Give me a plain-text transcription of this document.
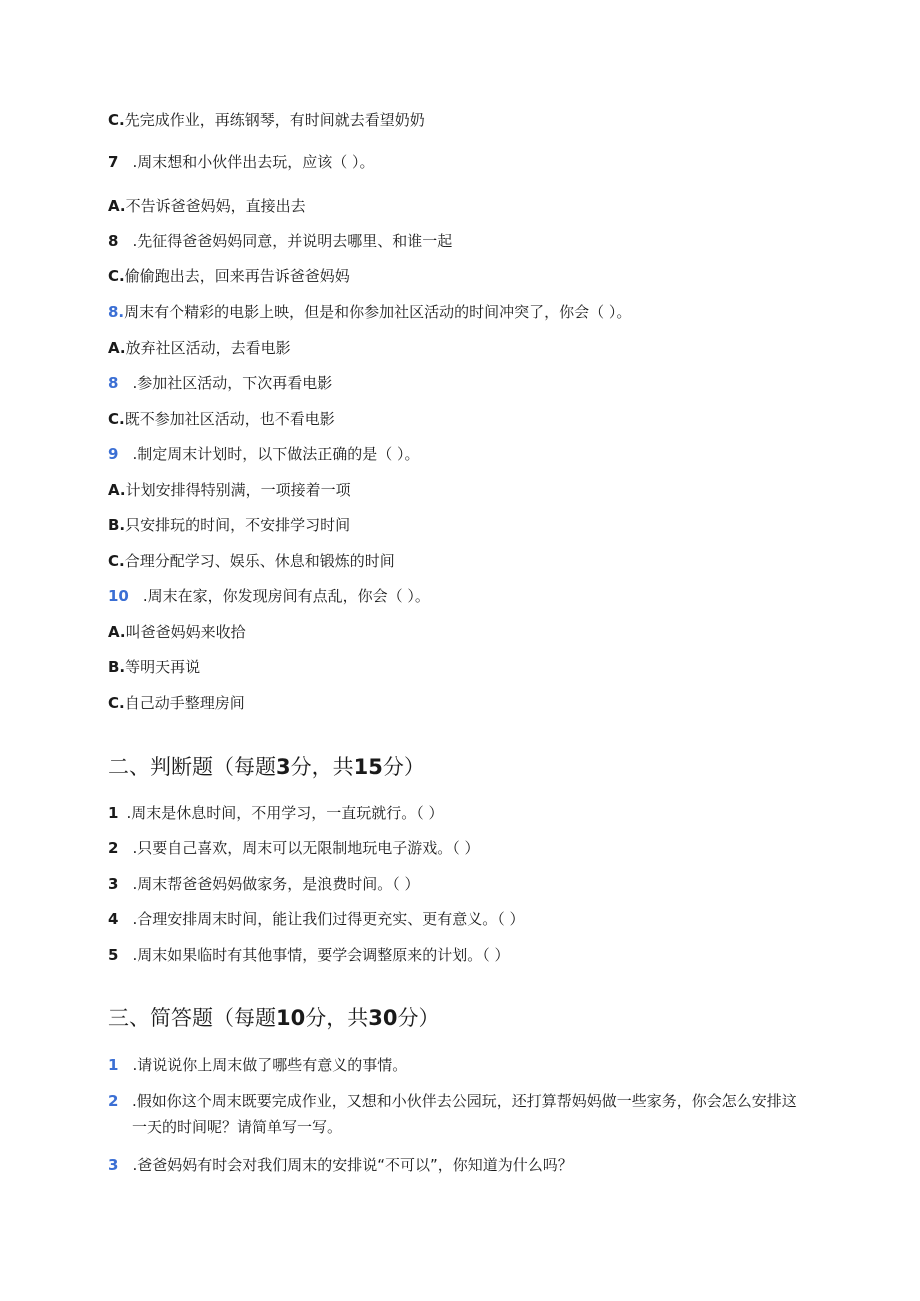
C.先完成作业，再练钢琴，有时间就去看望奶奶
7 .周末想和小伙伴出去玩，应该（ ）。
A.不告诉爸爸妈妈，直接出去
8 .先征得爸爸妈妈同意，并说明去哪里、和谁一起
C.偷偷跑出去，回来再告诉爸爸妈妈
8.周末有个精彩的电影上映，但是和你参加社区活动的时间冲突了，你会（ ）。
A.放弃社区活动，去看电影
8 .参加社区活动，下次再看电影
C.既不参加社区活动，也不看电影
9 .制定周末计划时，以下做法正确的是（ ）。
A.计划安排得特别满，一项接着一项
B.只安排玩的时间，不安排学习时间
C.合理分配学习、娱乐、休息和锻炼的时间
10 .周末在家，你发现房间有点乱，你会（ ）。
A.叫爸爸妈妈来收拾
B.等明天再说
C.自己动手整理房间
二、判断题（每题3分，共15分）
1 .周末是休息时间，不用学习，一直玩就行。（ ）
2 .只要自己喜欢，周末可以无限制地玩电子游戏。（ ）
3 .周末帮爸爸妈妈做家务，是浪费时间。（ ）
4 .合理安排周末时间，能让我们过得更充实、更有意义。（ ）
5 .周末如果临时有其他事情，要学会调整原来的计划。（ ）
三、简答题（每题10分，共30分）
1 .请说说你上周末做了哪些有意义的事情。
2 .假如你这个周末既要完成作业，又想和小伙伴去公园玩，还打算帮妈妈做一些家务，你会怎么安排这一天的时间呢？请简单写一写。
3 .爸爸妈妈有时会对我们周末的安排说“不可以”，你知道为什么吗？
